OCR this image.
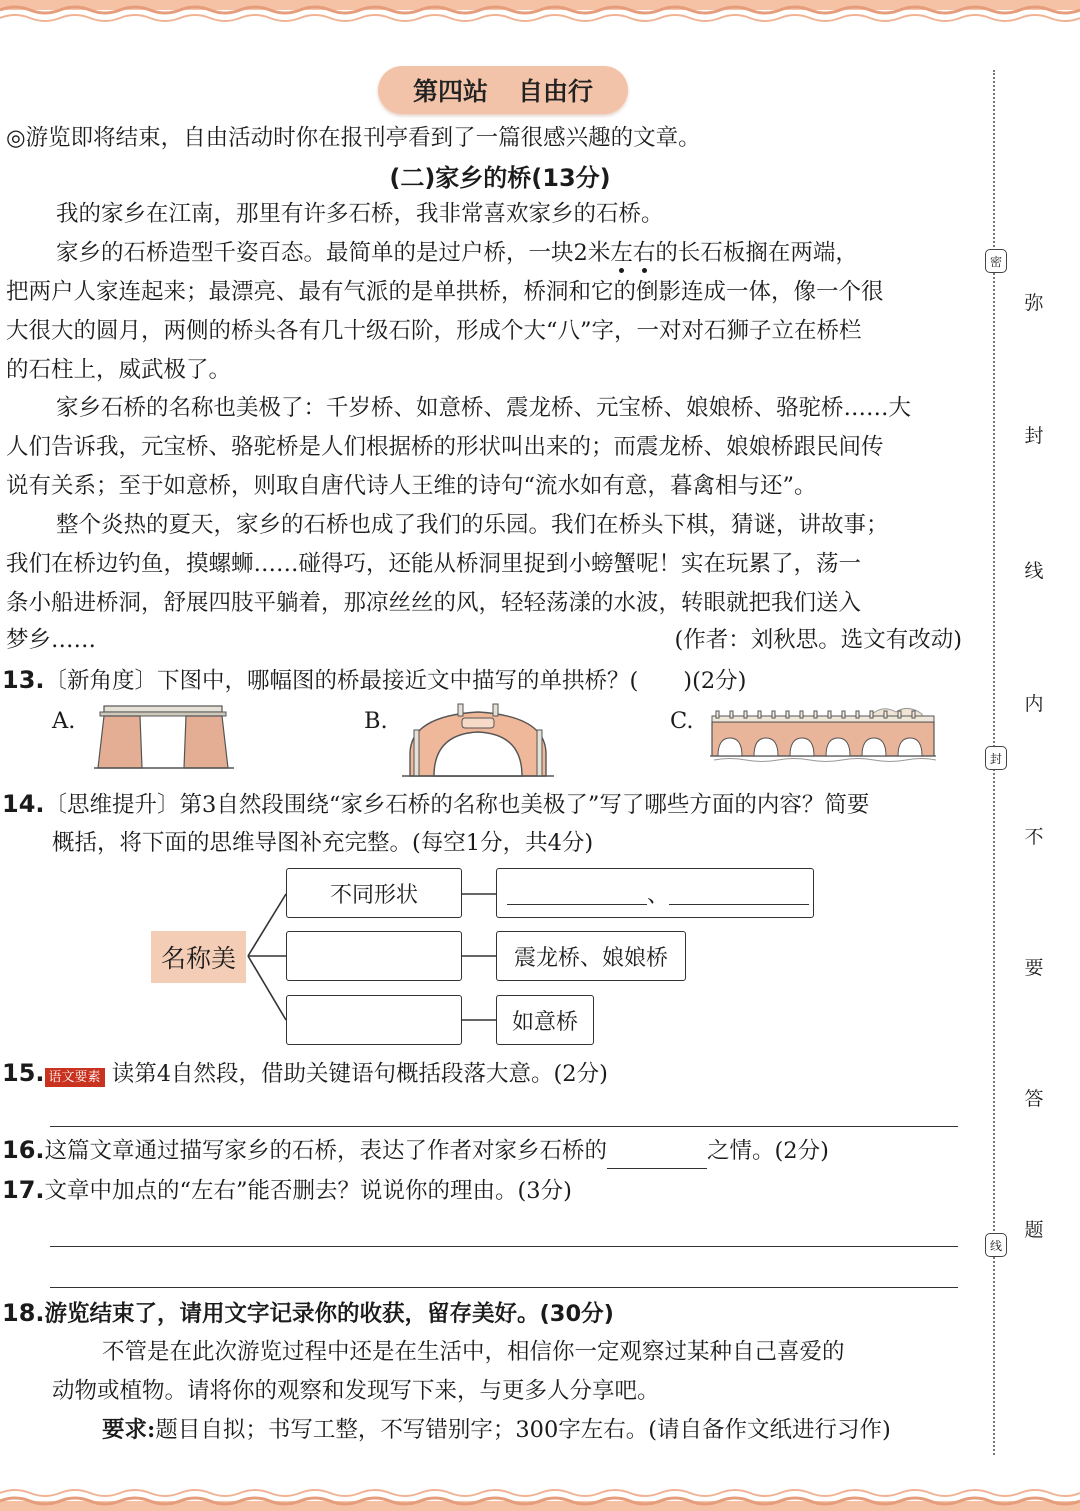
第四站 自由行
◎游览即将结束，自由活动时你在报刊亭看到了一篇很感兴趣的文章。
(二)家乡的桥(13分)
我的家乡在江南，那里有许多石桥，我非常喜欢家乡的石桥。
家乡的石桥造型千姿百态。最简单的是过户桥，一块2米左右的长石板搁在两端，
把两户人家连起来；最漂亮、最有气派的是单拱桥，桥洞和它的倒影连成一体，像一个很
大很大的圆月，两侧的桥头各有几十级石阶，形成个大“八”字，一对对石狮子立在桥栏
的石柱上，威武极了。
家乡石桥的名称也美极了：千岁桥、如意桥、震龙桥、元宝桥、娘娘桥、骆驼桥……大
人们告诉我，元宝桥、骆驼桥是人们根据桥的形状叫出来的；而震龙桥、娘娘桥跟民间传
说有关系；至于如意桥，则取自唐代诗人王维的诗句“流水如有意，暮禽相与还”。
整个炎热的夏天，家乡的石桥也成了我们的乐园。我们在桥头下棋，猜谜，讲故事；
我们在桥边钓鱼，摸螺蛳……碰得巧，还能从桥洞里捉到小螃蟹呢！实在玩累了，荡一
条小船进桥洞，舒展四肢平躺着，那凉丝丝的风，轻轻荡漾的水波，转眼就把我们送入
梦乡……	(作者：刘秋思。选文有改动)
13.〔新角度〕下图中，哪幅图的桥最接近文中描写的单拱桥？(　　)(2分)
A.	B.	C.
14.〔思维提升〕第3自然段围绕“家乡石桥的名称也美极了”写了哪些方面的内容？简要
概括，将下面的思维导图补充完整。(每空1分，共4分)
名称美
不同形状	、
震龙桥、娘娘桥
如意桥
15. 语文要素 读第4自然段，借助关键语句概括段落大意。(2分)
16.这篇文章通过描写家乡的石桥，表达了作者对家乡石桥的	之情。(2分)
17.文章中加点的“左右”能否删去？说说你的理由。(3分)
18.游览结束了，请用文字记录你的收获，留存美好。(30分)
不管是在此次游览过程中还是在生活中，相信你一定观察过某种自己喜爱的
动物或植物。请将你的观察和发现写下来，与更多人分享吧。
要求:题目自拟；书写工整，不写错别字；300字左右。(请自备作文纸进行习作)
密
封
线
弥
封
线
内
不
要
答
题
